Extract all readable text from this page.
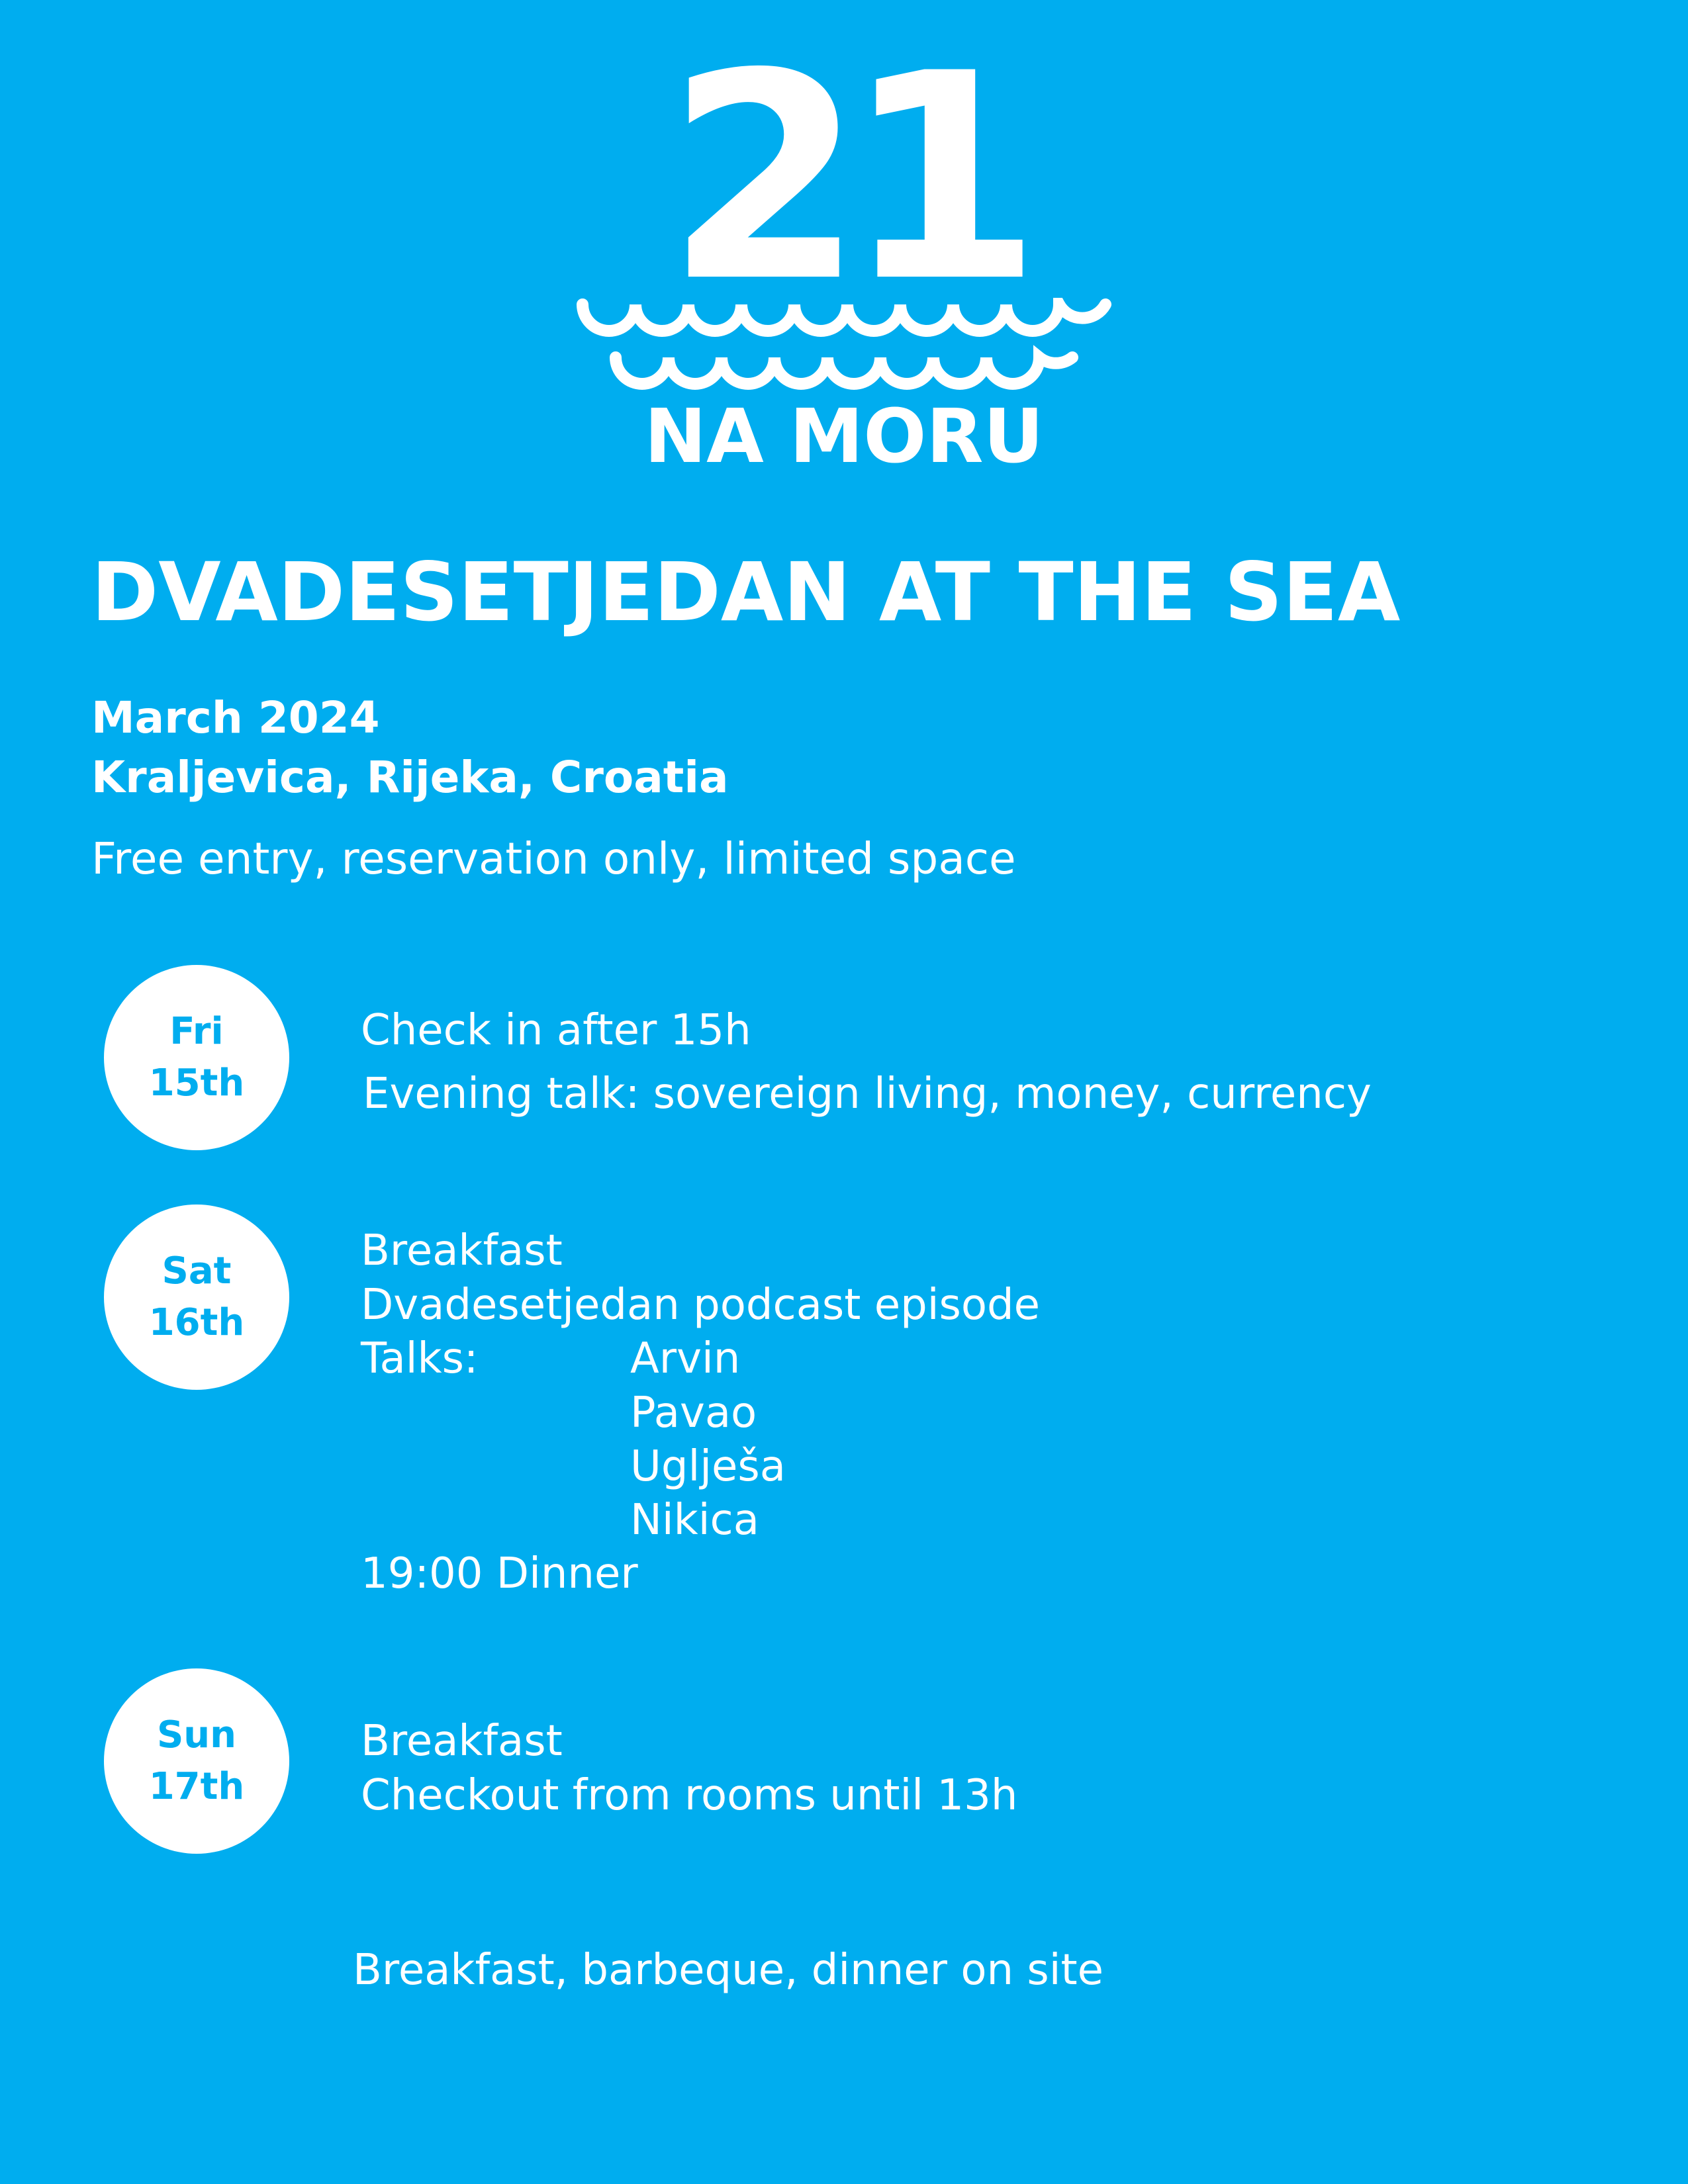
21
NA MORU
DVADESETJEDAN AT THE SEA
March 2024
Kraljevica, Rijeka, Croatia
Free entry, reservation only, limited space
Fri
15th
Check in after 15h
Evening talk: sovereign living, money, currency
Sat
16th
Breakfast
Dvadesetjedan podcast episode
Talks:	Arvin
Pavao
Uglješa
Nikica
19:00 Dinner
Sun
17th
Breakfast
Checkout from rooms until 13h
Breakfast, barbeque, dinner on site
